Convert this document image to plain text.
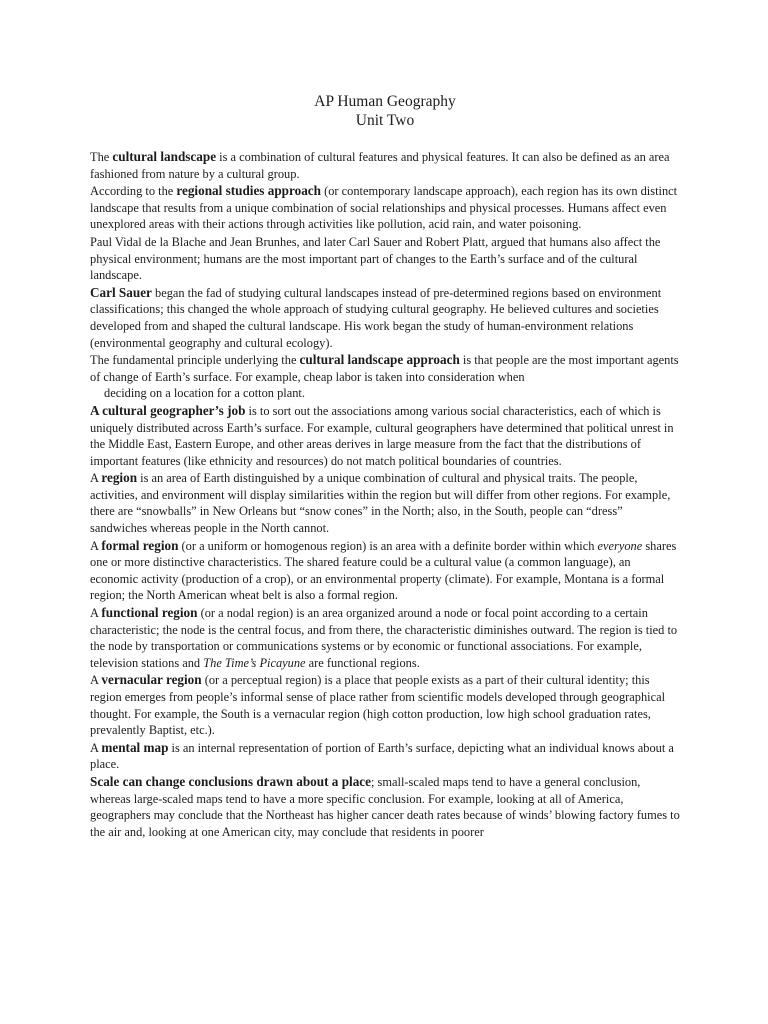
AP Human Geography
Unit Two

The cultural landscape is a combination of cultural features and physical features. It can also be defined as an area fashioned from nature by a cultural group.

According to the regional studies approach (or contemporary landscape approach), each region has its own distinct landscape that results from a unique combination of social relationships and physical processes. Humans affect even unexplored areas with their actions through activities like pollution, acid rain, and water poisoning.

Paul Vidal de la Blache and Jean Brunhes, and later Carl Sauer and Robert Platt, argued that humans also affect the physical environment; humans are the most important part of changes to the Earth’s surface and of the cultural landscape.

Carl Sauer began the fad of studying cultural landscapes instead of pre-determined regions based on environment classifications; this changed the whole approach of studying cultural geography. He believed cultures and societies developed from and shaped the cultural landscape. His work began the study of human-environment relations (environmental geography and cultural ecology).

The fundamental principle underlying the cultural landscape approach is that people are the most important agents of change of Earth’s surface. For example, cheap labor is taken into consideration when
deciding on a location for a cotton plant.

A cultural geographer’s job is to sort out the associations among various social characteristics, each of which is uniquely distributed across Earth’s surface. For example, cultural geographers have determined that political unrest in the Middle East, Eastern Europe, and other areas derives in large measure from the fact that the distributions of important features (like ethnicity and resources) do not match political boundaries of countries.

A region is an area of Earth distinguished by a unique combination of cultural and physical traits. The people, activities, and environment will display similarities within the region but will differ from other regions. For example, there are “snowballs” in New Orleans but “snow cones” in the North; also, in the South, people can “dress” sandwiches whereas people in the North cannot.

A formal region (or a uniform or homogenous region) is an area with a definite border within which everyone shares one or more distinctive characteristics. The shared feature could be a cultural value (a common language), an economic activity (production of a crop), or an environmental property (climate). For example, Montana is a formal region; the North American wheat belt is also a formal region.

A functional region (or a nodal region) is an area organized around a node or focal point according to a certain characteristic; the node is the central focus, and from there, the characteristic diminishes outward. The region is tied to the node by transportation or communications systems or by economic or functional associations. For example, television stations and The Time’s Picayune are functional regions.

A vernacular region (or a perceptual region) is a place that people exists as a part of their cultural identity; this region emerges from people’s informal sense of place rather from scientific models developed through geographical thought. For example, the South is a vernacular region (high cotton production, low high school graduation rates, prevalently Baptist, etc.).

A mental map is an internal representation of portion of Earth’s surface, depicting what an individual knows about a place.

Scale can change conclusions drawn about a place; small-scaled maps tend to have a general conclusion, whereas large-scaled maps tend to have a more specific conclusion. For example, looking at all of America, geographers may conclude that the Northeast has higher cancer death rates because of winds’ blowing factory fumes to the air and, looking at one American city, may conclude that residents in poorer
